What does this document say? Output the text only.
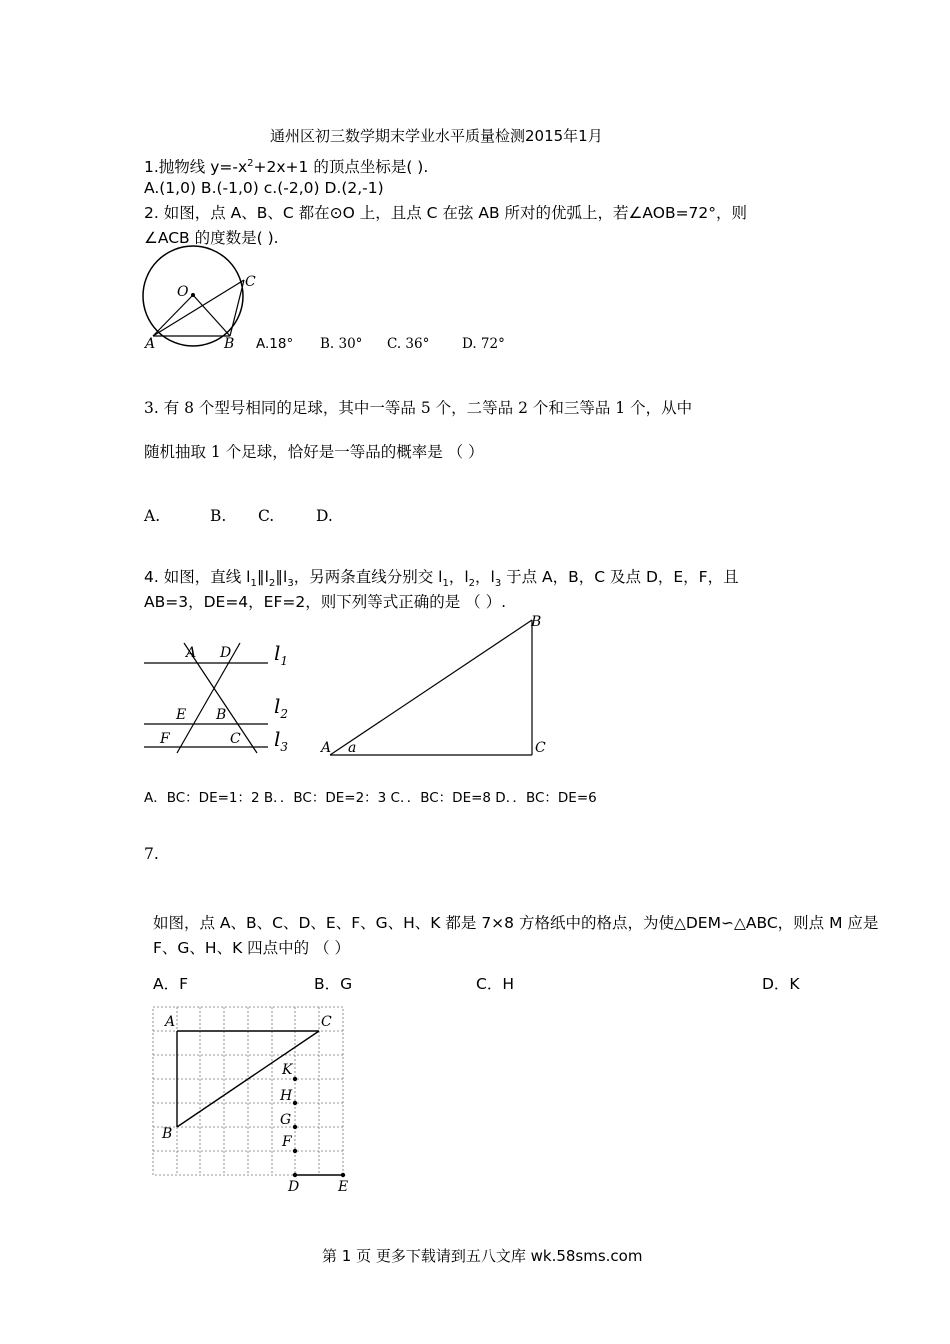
通州区初三数学期末学业水平质量检测2015年1月
1.抛物线 $y=-x^2+2x+1$ 的顶点坐标是( ).
A.(1,0) B.(-1,0) c.(-2,0) D.(2,-1)
2. 如图，点 A、B、C 都在⊙O 上，且点 C 在弦 AB 所对的优弧上，若∠AOB=72°，则
∠ACB 的度数是( ).
O
A	B
C
A.18° B. 30° C. 36° D. 72°
3. 有 8 个型号相同的足球，其中一等品 5 个，二等品 2 个和三等品 1 个，从中
随机抽取 1 个足球，恰好是一等品的概率是 （ ）
A.	B. C.	D.
4. 如图，直线 $l_1\parallel l_2\parallel l_3$，另两条直线分别交 $l_1$，$l_2$，$l_3$ 于点 A，B，C 及点 D，E，F，且
AB=3，DE=4，EF=2，则下列等式正确的是 （ ）.
A D
E B
F	C
$l_1$
$l_2$
$l_3$ A a
B
C
A．BC：DE=1：2 B．．BC：DE=2：3 C．．BC：DE=8 D．．BC：DE=6
7.
如图，点 A、B、C、D、E、F、G、H、K 都是 7×8 方格纸中的格点，为使△DEM∽△ABC，则点 M 应是
F、G、H、K 四点中的 （ ）
A．F	B．G	C．H	D．K
A	C
K
H
G
F
B
D	E
第 1 页 更多下载请到五八文库 wk.58sms.com
